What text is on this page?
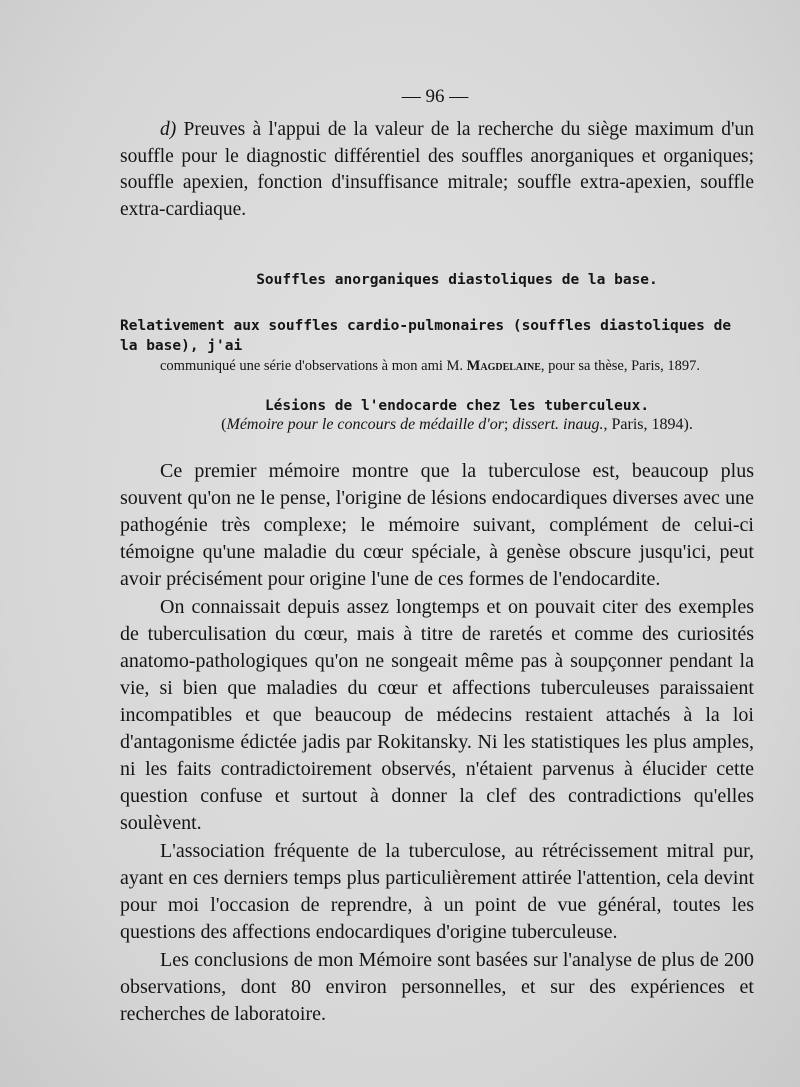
— 96 —
d) Preuves à l'appui de la valeur de la recherche du siège maximum d'un souffle pour le diagnostic différentiel des souffles anorganiques et organiques; souffle apexien, fonction d'insuffisance mitrale; souffle extra-apexien, souffle extra-cardiaque.
Souffles anorganiques diastoliques de la base.
Relativement aux souffles cardio-pulmonaires (souffles diastoliques de la base), j'ai
communiqué une série d'observations à mon ami M. Magdelaine, pour sa thèse, Paris, 1897.
Lésions de l'endocarde chez les tuberculeux.
(Mémoire pour le concours de médaille d'or; dissert. inaug., Paris, 1894).

Ce premier mémoire montre que la tuberculose est, beaucoup plus souvent qu'on ne le pense, l'origine de lésions endocardiques diverses avec une pathogénie très complexe; le mémoire suivant, complément de celui-ci témoigne qu'une maladie du cœur spéciale, à genèse obscure jusqu'ici, peut avoir précisément pour origine l'une de ces formes de l'endocardite.

On connaissait depuis assez longtemps et on pouvait citer des exemples de tuberculisation du cœur, mais à titre de raretés et comme des curiosités anatomo-pathologiques qu'on ne songeait même pas à soupçonner pendant la vie, si bien que maladies du cœur et affections tuberculeuses paraissaient incompatibles et que beaucoup de médecins restaient attachés à la loi d'antagonisme édictée jadis par Rokitansky. Ni les statistiques les plus amples, ni les faits contradictoirement observés, n'étaient parvenus à élucider cette question confuse et surtout à donner la clef des contradictions qu'elles soulèvent.

L'association fréquente de la tuberculose, au rétrécissement mitral pur, ayant en ces derniers temps plus particulièrement attirée l'attention, cela devint pour moi l'occasion de reprendre, à un point de vue général, toutes les questions des affections endocardiques d'origine tuberculeuse.

Les conclusions de mon Mémoire sont basées sur l'analyse de plus de 200 observations, dont 80 environ personnelles, et sur des expériences et recherches de laboratoire.
